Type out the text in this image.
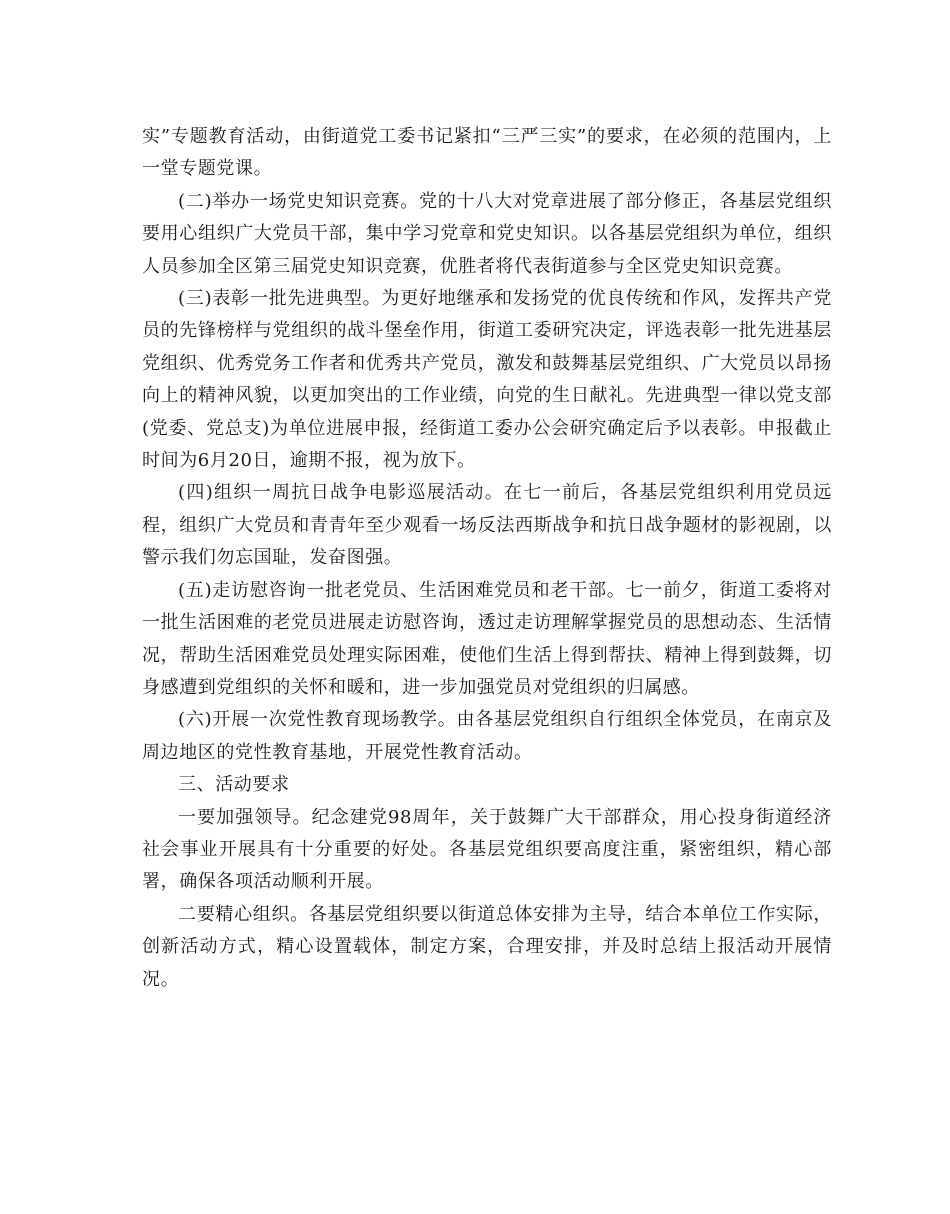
实”专题教育活动，由街道党工委书记紧扣“三严三实”的要求，在必须的范围内，上一堂专题党课。

(二)举办一场党史知识竞赛。党的十八大对党章进展了部分修正，各基层党组织要用心组织广大党员干部，集中学习党章和党史知识。以各基层党组织为单位，组织人员参加全区第三届党史知识竞赛，优胜者将代表街道参与全区党史知识竞赛。

(三)表彰一批先进典型。为更好地继承和发扬党的优良传统和作风，发挥共产党员的先锋榜样与党组织的战斗堡垒作用，街道工委研究决定，评选表彰一批先进基层党组织、优秀党务工作者和优秀共产党员，激发和鼓舞基层党组织、广大党员以昂扬向上的精神风貌，以更加突出的工作业绩，向党的生日献礼。先进典型一律以党支部(党委、党总支)为单位进展申报，经街道工委办公会研究确定后予以表彰。申报截止时间为6月20日，逾期不报，视为放下。

(四)组织一周抗日战争电影巡展活动。在七一前后，各基层党组织利用党员远程，组织广大党员和青青年至少观看一场反法西斯战争和抗日战争题材的影视剧，以警示我们勿忘国耻，发奋图强。

(五)走访慰咨询一批老党员、生活困难党员和老干部。七一前夕，街道工委将对一批生活困难的老党员进展走访慰咨询，透过走访理解掌握党员的思想动态、生活情况，帮助生活困难党员处理实际困难，使他们生活上得到帮扶、精神上得到鼓舞，切身感遭到党组织的关怀和暖和，进一步加强党员对党组织的归属感。

(六)开展一次党性教育现场教学。由各基层党组织自行组织全体党员，在南京及周边地区的党性教育基地，开展党性教育活动。

三、活动要求

一要加强领导。纪念建党98周年，关于鼓舞广大干部群众，用心投身街道经济社会事业开展具有十分重要的好处。各基层党组织要高度注重，紧密组织，精心部署，确保各项活动顺利开展。

二要精心组织。各基层党组织要以街道总体安排为主导，结合本单位工作实际，创新活动方式，精心设置载体，制定方案，合理安排，并及时总结上报活动开展情况。
